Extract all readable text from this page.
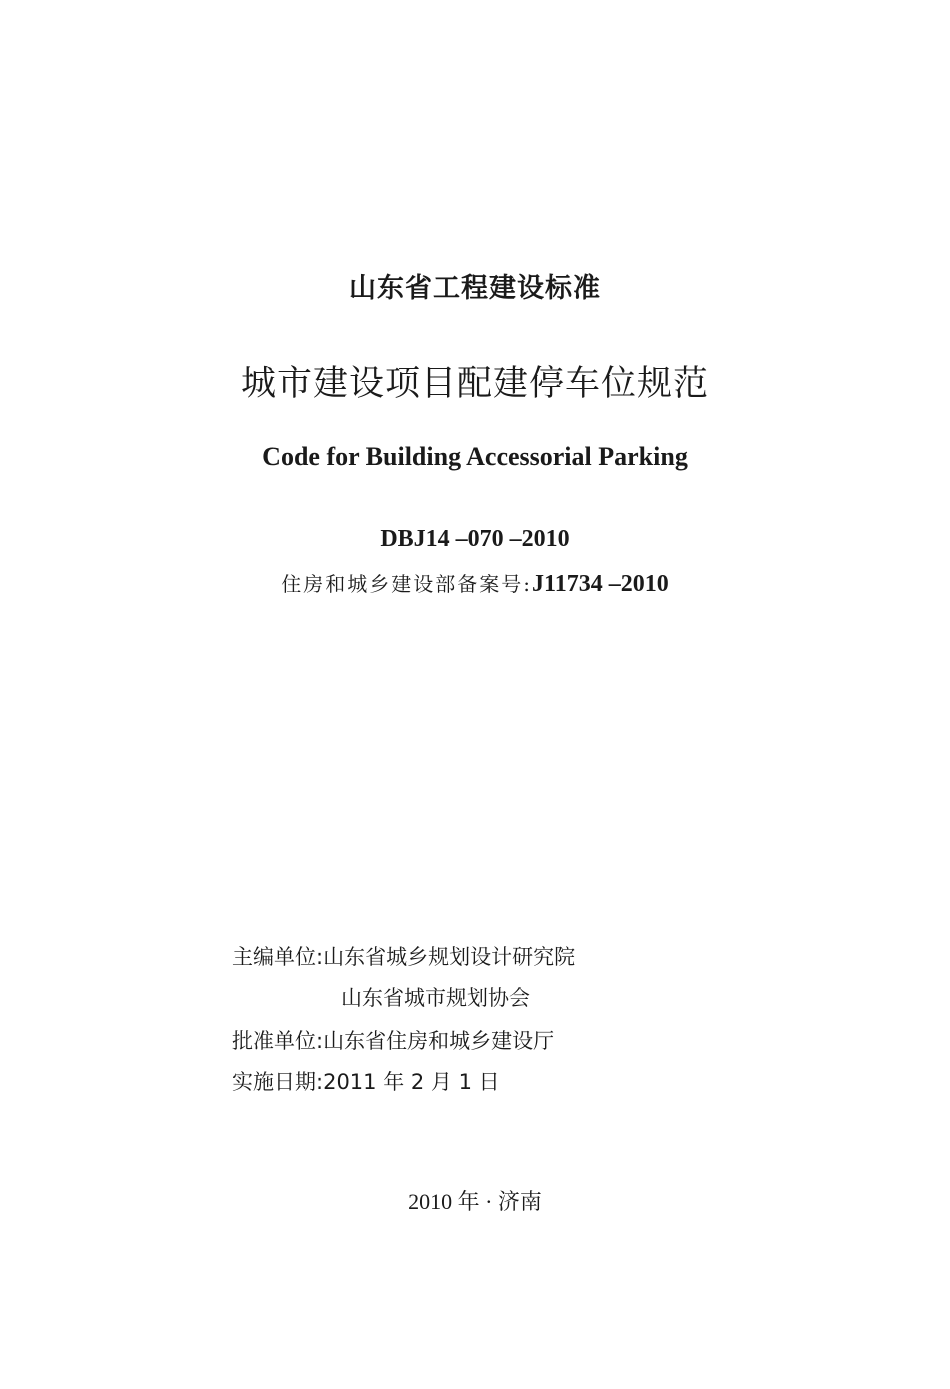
山东省工程建设标准
城市建设项目配建停车位规范
Code for Building Accessorial Parking
DBJ14 –070 –2010
住房和城乡建设部备案号:J11734 –2010
主编单位:山东省城乡规划设计研究院
山东省城市规划协会
批准单位:山东省住房和城乡建设厅
实施日期:2011 年 2 月 1 日
2010 年 · 济南
